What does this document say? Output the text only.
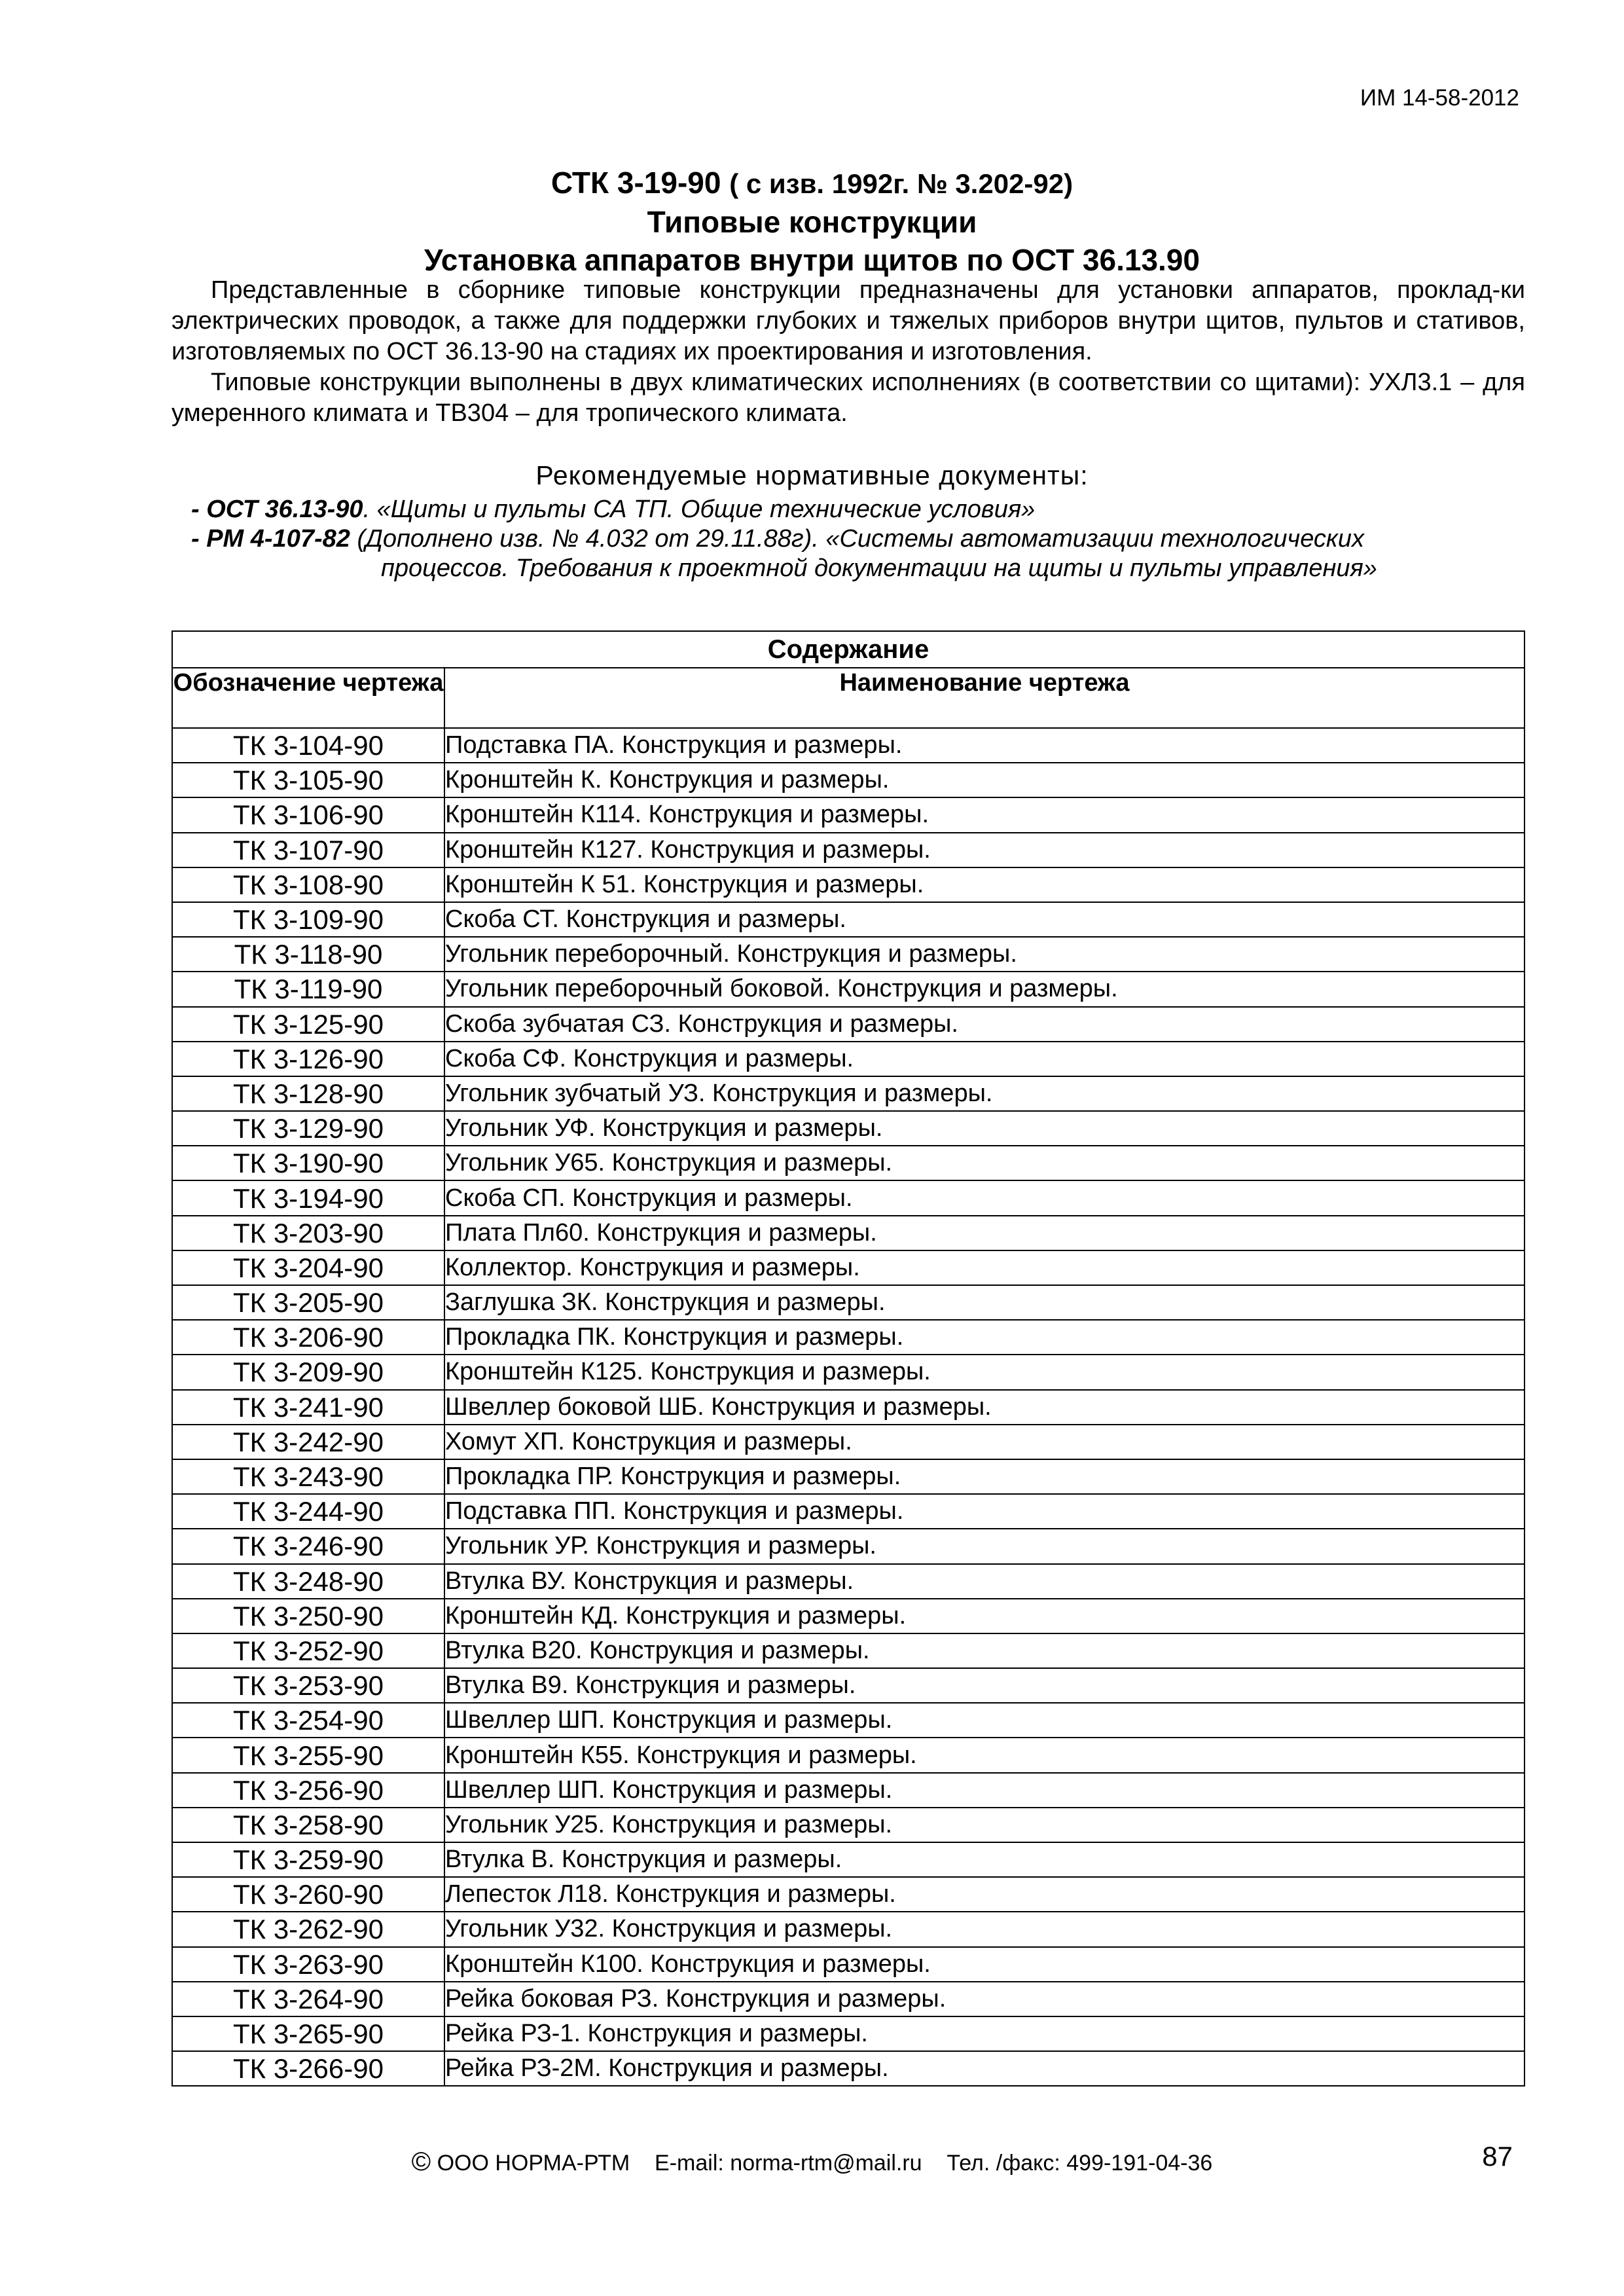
ИМ 14-58-2012
СТК 3-19-90 ( с изв. 1992г. № 3.202-92)
Типовые конструкции
Установка аппаратов внутри щитов по ОСТ 36.13.90

Представленные в сборнике типовые конструкции предназначены для установки аппаратов, проклад-ки электрических проводок, а также для поддержки глубоких и тяжелых приборов внутри щитов, пультов и стативов, изготовляемых по ОСТ 36.13-90 на стадиях их проектирования и изготовления.

Типовые конструкции выполнены в двух климатических исполнениях (в соответствии со щитами): УХЛ3.1 – для умеренного климата и ТВ304 – для тропического климата.

Рекомендуемые нормативные документы:
- ОСТ 36.13-90. «Щиты и пульты СА ТП. Общие технические условия»
- РМ 4-107-82 (Дополнено изв. № 4.032 от 29.11.88г). «Системы автоматизации технологических
процессов. Требования к проектной документации на щиты и пульты управления»
Содержание	
Обозначение чертежа	Наименование чертежа
ТК 3-104-90	Подставка ПА. Конструкция и размеры.
ТК 3-105-90	Кронштейн К. Конструкция и размеры.
ТК 3-106-90	Кронштейн К114. Конструкция и размеры.
ТК 3-107-90	Кронштейн К127. Конструкция и размеры.
ТК 3-108-90	Кронштейн К 51. Конструкция и размеры.
ТК 3-109-90	Скоба СТ. Конструкция и размеры.
ТК 3-118-90	Угольник переборочный. Конструкция и размеры.
ТК 3-119-90	Угольник переборочный боковой. Конструкция и размеры.
ТК 3-125-90	Скоба зубчатая СЗ. Конструкция и размеры.
ТК 3-126-90	Скоба СФ. Конструкция и размеры.
ТК 3-128-90	Угольник зубчатый УЗ. Конструкция и размеры.
ТК 3-129-90	Угольник УФ. Конструкция и размеры.
ТК 3-190-90	Угольник У65. Конструкция и размеры.
ТК 3-194-90	Скоба СП. Конструкция и размеры.
ТК 3-203-90	Плата Пл60. Конструкция и размеры.
ТК 3-204-90	Коллектор. Конструкция и размеры.
ТК 3-205-90	Заглушка ЗК. Конструкция и размеры.
ТК 3-206-90	Прокладка ПК. Конструкция и размеры.
ТК 3-209-90	Кронштейн К125. Конструкция и размеры.
ТК 3-241-90	Швеллер боковой ШБ. Конструкция и размеры.
ТК 3-242-90	Хомут ХП. Конструкция и размеры.
ТК 3-243-90	Прокладка ПР. Конструкция и размеры.
ТК 3-244-90	Подставка ПП. Конструкция и размеры.
ТК 3-246-90	Угольник УР. Конструкция и размеры.
ТК 3-248-90	Втулка ВУ. Конструкция и размеры.
ТК 3-250-90	Кронштейн КД. Конструкция и размеры.
ТК 3-252-90	Втулка В20. Конструкция и размеры.
ТК 3-253-90	Втулка В9. Конструкция и размеры.
ТК 3-254-90	Швеллер ШП. Конструкция и размеры.
ТК 3-255-90	Кронштейн К55. Конструкция и размеры.
ТК 3-256-90	Швеллер ШП. Конструкция и размеры.
ТК 3-258-90	Угольник У25. Конструкция и размеры.
ТК 3-259-90	Втулка В. Конструкция и размеры.
ТК 3-260-90	Лепесток Л18. Конструкция и размеры.
ТК 3-262-90	Угольник У32. Конструкция и размеры.
ТК 3-263-90	Кронштейн К100. Конструкция и размеры.
ТК 3-264-90	Рейка боковая РЗ. Конструкция и размеры.
ТК 3-265-90	Рейка РЗ-1. Конструкция и размеры.
ТК 3-266-90	Рейка РЗ-2М. Конструкция и размеры.
© ООО НОРМА-РТМ E-mail: norma-rtm@mail.ru Тел. /факс: 499-191-04-36	87
